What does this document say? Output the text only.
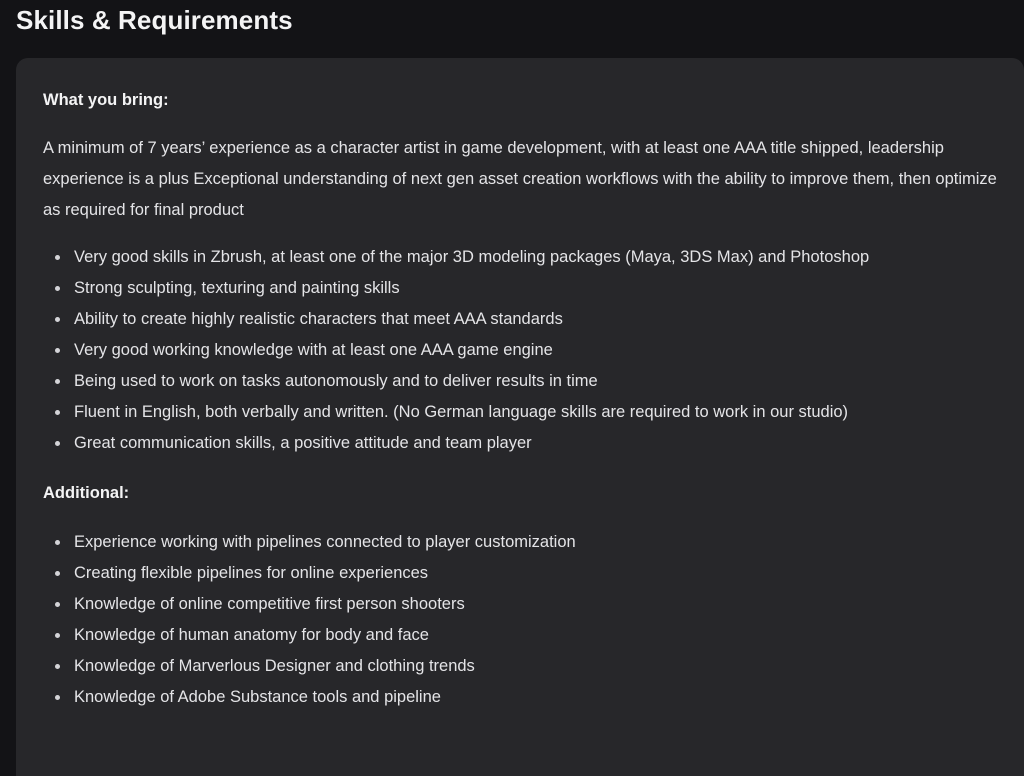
Skills & Requirements
What you bring:

A minimum of 7 years’ experience as a character artist in game development, with at least one AAA title shipped, leadership experience is a plus Exceptional understanding of next gen asset creation workflows with the ability to improve them, then optimize as required for final product

Very good skills in Zbrush, at least one of the major 3D modeling packages (Maya, 3DS Max) and Photoshop
Strong sculpting, texturing and painting skills
Ability to create highly realistic characters that meet AAA standards
Very good working knowledge with at least one AAA game engine
Being used to work on tasks autonomously and to deliver results in time
Fluent in English, both verbally and written. (No German language skills are required to work in our studio)
Great communication skills, a positive attitude and team player
Additional:
Experience working with pipelines connected to player customization
Creating flexible pipelines for online experiences
Knowledge of online competitive first person shooters
Knowledge of human anatomy for body and face
Knowledge of Marverlous Designer and clothing trends
Knowledge of Adobe Substance tools and pipeline
